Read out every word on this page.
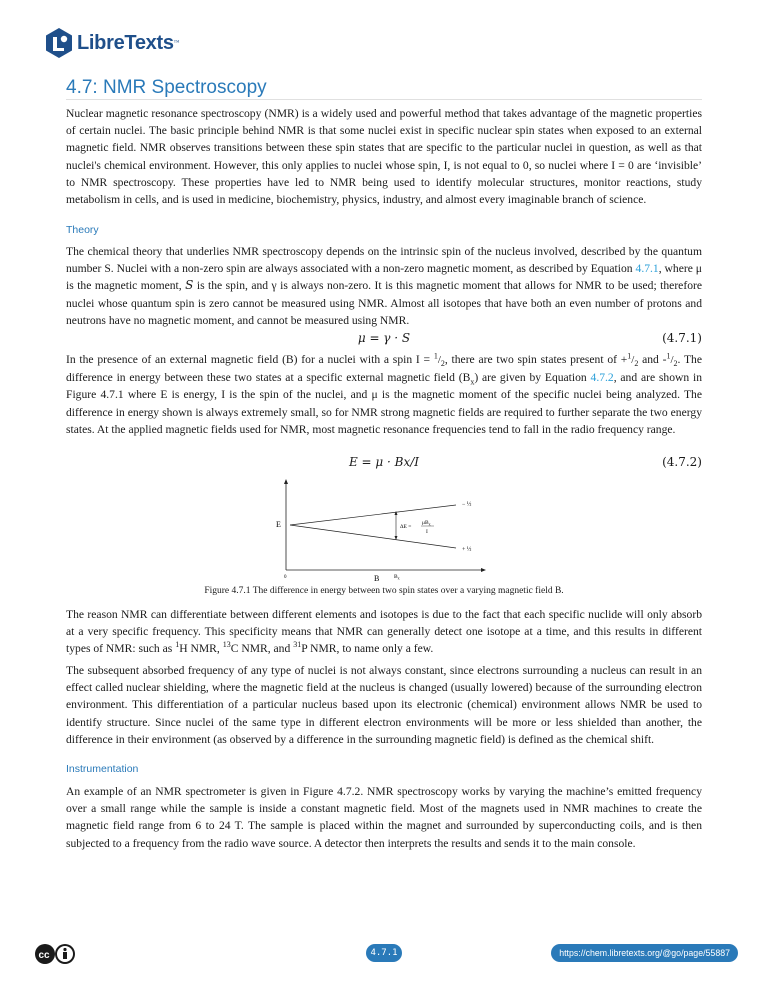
LibreTexts ™
4.7: NMR Spectroscopy

Nuclear magnetic resonance spectroscopy (NMR) is a widely used and powerful method that takes advantage of the magnetic properties of certain nuclei. The basic principle behind NMR is that some nuclei exist in specific nuclear spin states when exposed to an external magnetic field. NMR observes transitions between these spin states that are specific to the particular nuclei in question, as well as that nuclei's chemical environment. However, this only applies to nuclei whose spin, I, is not equal to 0, so nuclei where I = 0 are ‘invisible’ to NMR spectroscopy. These properties have led to NMR being used to identify molecular structures, monitor reactions, study metabolism in cells, and is used in medicine, biochemistry, physics, industry, and almost every imaginable branch of science.

Theory

The chemical theory that underlies NMR spectroscopy depends on the intrinsic spin of the nucleus involved, described by the quantum number S. Nuclei with a non-zero spin are always associated with a non-zero magnetic moment, as described by Equation 4.7.1, where μ is the magnetic moment, S is the spin, and γ is always non-zero. It is this magnetic moment that allows for NMR to be used; therefore nuclei whose quantum spin is zero cannot be measured using NMR. Almost all isotopes that have both an even number of protons and neutrons have no magnetic moment, and cannot be measured using NMR.

μ = γ · S	(4.7.1)

In the presence of an external magnetic field (B) for a nuclei with a spin $I = ^1/_2$, there are two spin states present of $+^1/_2$ and $-^1/_2$. The difference in energy between these two states at a specific external magnetic field $(B_x)$ are given by Equation 4.7.2, and are shown in Figure 4.7.1 where E is energy, I is the spin of the nuclei, and μ is the magnetic moment of the specific nuclei being analyzed. The difference in energy shown is always extremely small, so for NMR strong magnetic fields are required to further separate the two energy states. At the applied magnetic fields used for NMR, most magnetic resonance frequencies tend to fall in the radio frequency range.

E = μ · Bx/I	(4.7.2)
E
− ½
+ ½
ΔE =
$\mu B_x$
I
0	B	$B_x$
Figure 4.7.1 The difference in energy between two spin states over a varying magnetic field B.

The reason NMR can differentiate between different elements and isotopes is due to the fact that each specific nuclide will only absorb at a very specific frequency. This specificity means that NMR can generally detect one isotope at a time, and this results in different types of NMR: such as $^1$H NMR, $^{13}$C NMR, and $^{31}$P NMR, to name only a few.

The subsequent absorbed frequency of any type of nuclei is not always constant, since electrons surrounding a nucleus can result in an effect called nuclear shielding, where the magnetic field at the nucleus is changed (usually lowered) because of the surrounding electron environment. This differentiation of a particular nucleus based upon its electronic (chemical) environment allows NMR be used to identify structure. Since nuclei of the same type in different electron environments will be more or less shielded than another, the difference in their environment (as observed by a difference in the surrounding magnetic field) is defined as the chemical shift.

Instrumentation

An example of an NMR spectrometer is given in Figure 4.7.2. NMR spectroscopy works by varying the machine’s emitted frequency over a small range while the sample is inside a constant magnetic field. Most of the magnets used in NMR machines to create the magnetic field range from 6 to 24 T. The sample is placed within the magnet and surrounded by superconducting coils, and is then subjected to a frequency from the radio wave source. A detector then interprets the results and sends it to the main console.

cc	4.7.1	https://chem.libretexts.org/@go/page/55887
